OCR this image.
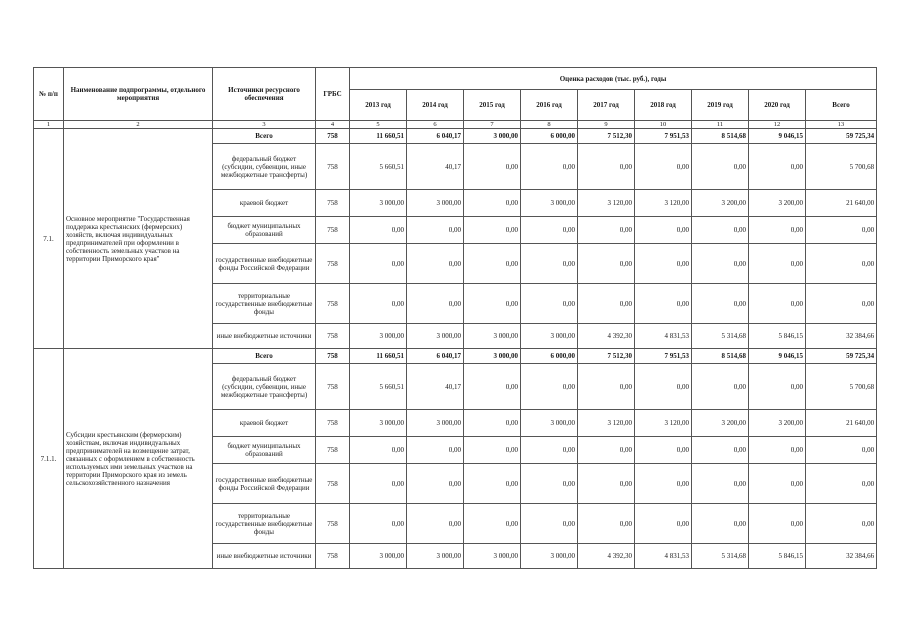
№ п/п	Наименование подпрограммы, отдельного мероприятия	Источники ресурсного обеспечения	ГРБС	Оценка расходов (тыс. руб.), годы								
				2013 год	2014 год	2015 год	2016 год	2017 год	2018 год	2019 год	2020 год	Всего
1	2	3	4	5	6	7	8	9	10	11	12	13
7.1.	Основное мероприятие "Государственная поддержка крестьянских (фермерских) хозяйств, включая индивидуальных предпринимателей при оформлении в собственность земельных участков на территории Приморского края"	Всего	758	11 660,51	6 040,17	3 000,00	6 000,00	7 512,30	7 951,53	8 514,68	9 046,15	59 725,34
		федеральный бюджет (субсидии, субвенции, иные межбюджетные трансферты)	758	5 660,51	40,17	0,00	0,00	0,00	0,00	0,00	0,00	5 700,68
		краевой бюджет	758	3 000,00	3 000,00	0,00	3 000,00	3 120,00	3 120,00	3 200,00	3 200,00	21 640,00
		бюджет муниципальных образований	758	0,00	0,00	0,00	0,00	0,00	0,00	0,00	0,00	0,00
		государственные внебюджетные фонды Российской Федерации	758	0,00	0,00	0,00	0,00	0,00	0,00	0,00	0,00	0,00
		территориальные государственные внебюджетные фонды	758	0,00	0,00	0,00	0,00	0,00	0,00	0,00	0,00	0,00
		иные внебюджетные источники	758	3 000,00	3 000,00	3 000,00	3 000,00	4 392,30	4 831,53	5 314,68	5 846,15	32 384,66
7.1.1.	Субсидии крестьянским (фермерским) хозяйствам, включая индивидуальных предпринимателей на возмещение затрат, связанных с оформлением в собственность используемых ими земельных участков на территории Приморского края из земель сельскохозяйственного назначения	Всего	758	11 660,51	6 040,17	3 000,00	6 000,00	7 512,30	7 951,53	8 514,68	9 046,15	59 725,34
		федеральный бюджет (субсидии, субвенции, иные межбюджетные трансферты)	758	5 660,51	40,17	0,00	0,00	0,00	0,00	0,00	0,00	5 700,68
		краевой бюджет	758	3 000,00	3 000,00	0,00	3 000,00	3 120,00	3 120,00	3 200,00	3 200,00	21 640,00
		бюджет муниципальных образований	758	0,00	0,00	0,00	0,00	0,00	0,00	0,00	0,00	0,00
		государственные внебюджетные фонды Российской Федерации	758	0,00	0,00	0,00	0,00	0,00	0,00	0,00	0,00	0,00
		территориальные государственные внебюджетные фонды	758	0,00	0,00	0,00	0,00	0,00	0,00	0,00	0,00	0,00
		иные внебюджетные источники	758	3 000,00	3 000,00	3 000,00	3 000,00	4 392,30	4 831,53	5 314,68	5 846,15	32 384,66
